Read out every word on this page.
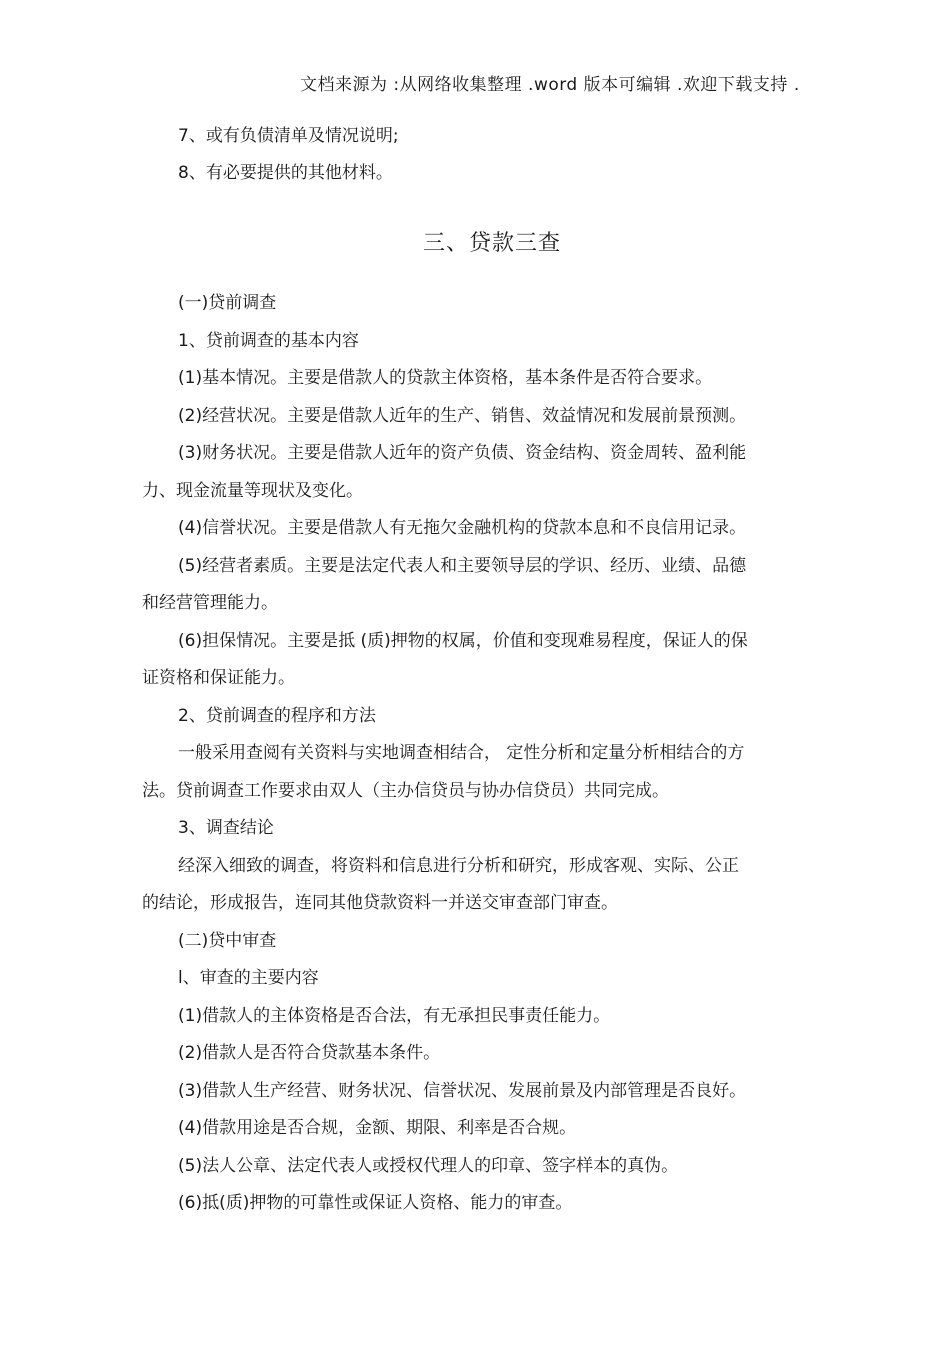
文档来源为 :从网络收集整理 .word 版本可编辑 .欢迎下载支持 .
7、或有负债清单及情况说明;
8、有必要提供的其他材料。
三、贷款三查
(一)贷前调查
1、贷前调查的基本内容
(1)基本情况。主要是借款人的贷款主体资格，基本条件是否符合要求。
(2)经营状况。主要是借款人近年的生产、销售、效益情况和发展前景预测。
(3)财务状况。主要是借款人近年的资产负债、资金结构、资金周转、盈利能
力、现金流量等现状及变化。
(4)信誉状况。主要是借款人有无拖欠金融机构的贷款本息和不良信用记录。
(5)经营者素质。主要是法定代表人和主要领导层的学识、经历、业绩、品德
和经营管理能力。
(6)担保情况。主要是抵 (质)押物的权属，价值和变现难易程度，保证人的保
证资格和保证能力。
2、贷前调查的程序和方法
一般采用查阅有关资料与实地调查相结合， 定性分析和定量分析相结合的方
法。贷前调查工作要求由双人（主办信贷员与协办信贷员）共同完成。
3、调查结论
经深入细致的调查，将资料和信息进行分析和研究，形成客观、实际、公正
的结论，形成报告，连同其他贷款资料一并送交审查部门审查。
(二)贷中审查
l、审查的主要内容
(1)借款人的主体资格是否合法，有无承担民事责任能力。
(2)借款人是否符合贷款基本条件。
(3)借款人生产经营、财务状况、信誉状况、发展前景及内部管理是否良好。
(4)借款用途是否合规，金额、期限、利率是否合规。
(5)法人公章、法定代表人或授权代理人的印章、签字样本的真伪。
(6)抵(质)押物的可靠性或保证人资格、能力的审查。
